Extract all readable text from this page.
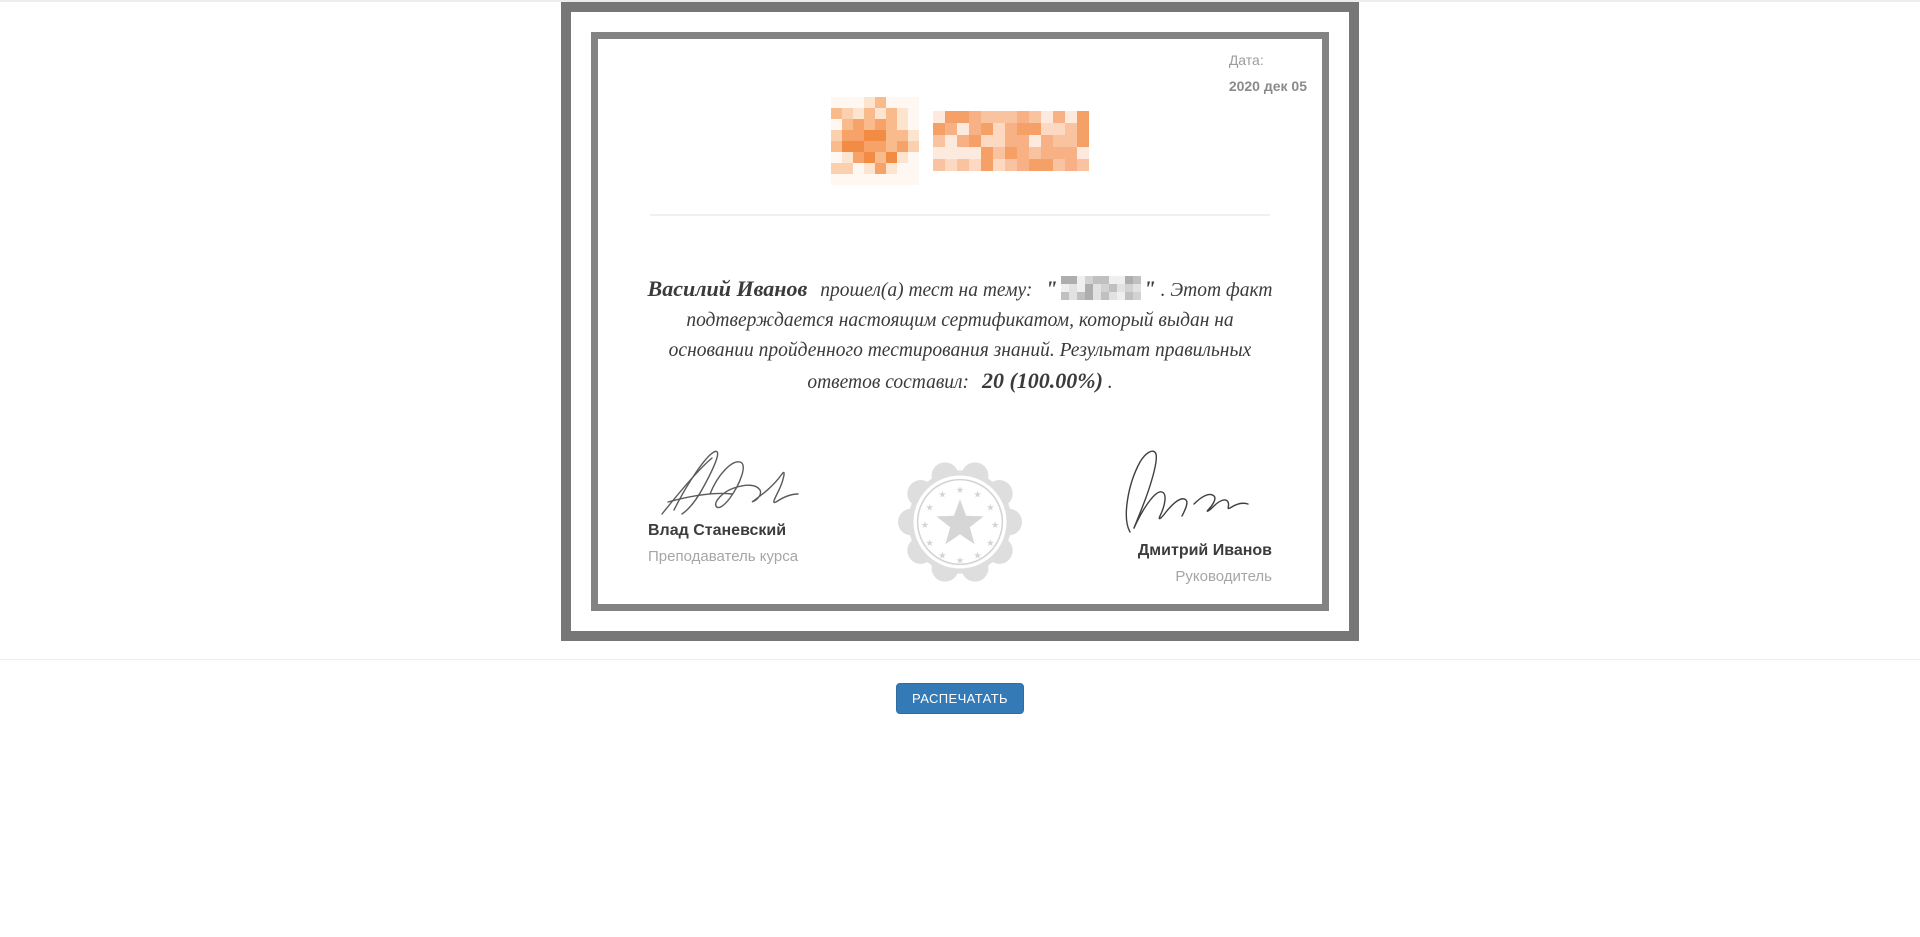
Дата:
2020 дек 05
Василий Иванов прошел(а) тест на тему: "	" . Этот факт подтверждается настоящим сертификатом, который выдан на основании пройденного тестирования знаний. Результат правильных ответов составил: 20 (100.00%) .
Влад Станевский
Преподаватель курса
★ ★
★
★
★
★
★
★
★
★
★
★
Дмитрий Иванов
Руководитель
РАСПЕЧАТАТЬ
